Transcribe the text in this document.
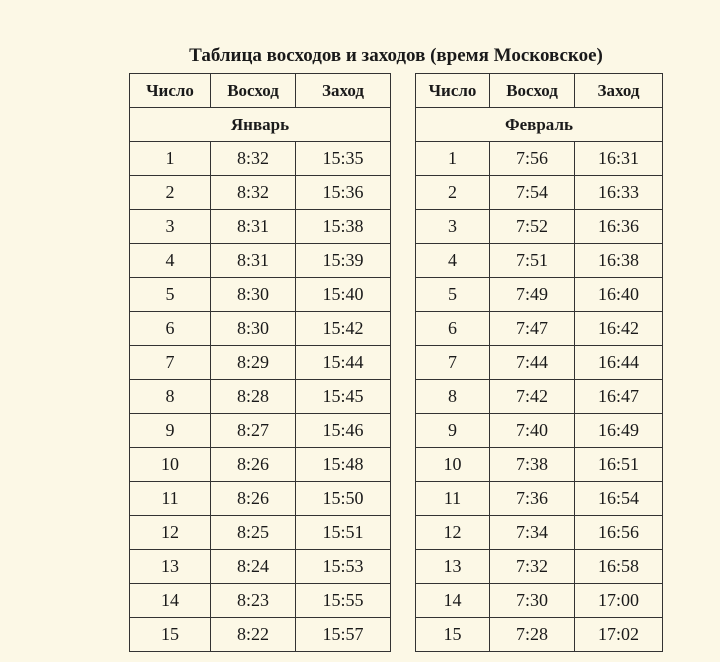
Таблица восходов и заходов (время Московское)
Число	Восход	Заход
Январь		
1	8:32	15:35
2	8:32	15:36
3	8:31	15:38
4	8:31	15:39
5	8:30	15:40
6	8:30	15:42
7	8:29	15:44
8	8:28	15:45
9	8:27	15:46
10	8:26	15:48
11	8:26	15:50
12	8:25	15:51
13	8:24	15:53
14	8:23	15:55
15	8:22	15:57
Число	Восход	Заход
Февраль		
1	7:56	16:31
2	7:54	16:33
3	7:52	16:36
4	7:51	16:38
5	7:49	16:40
6	7:47	16:42
7	7:44	16:44
8	7:42	16:47
9	7:40	16:49
10	7:38	16:51
11	7:36	16:54
12	7:34	16:56
13	7:32	16:58
14	7:30	17:00
15	7:28	17:02
